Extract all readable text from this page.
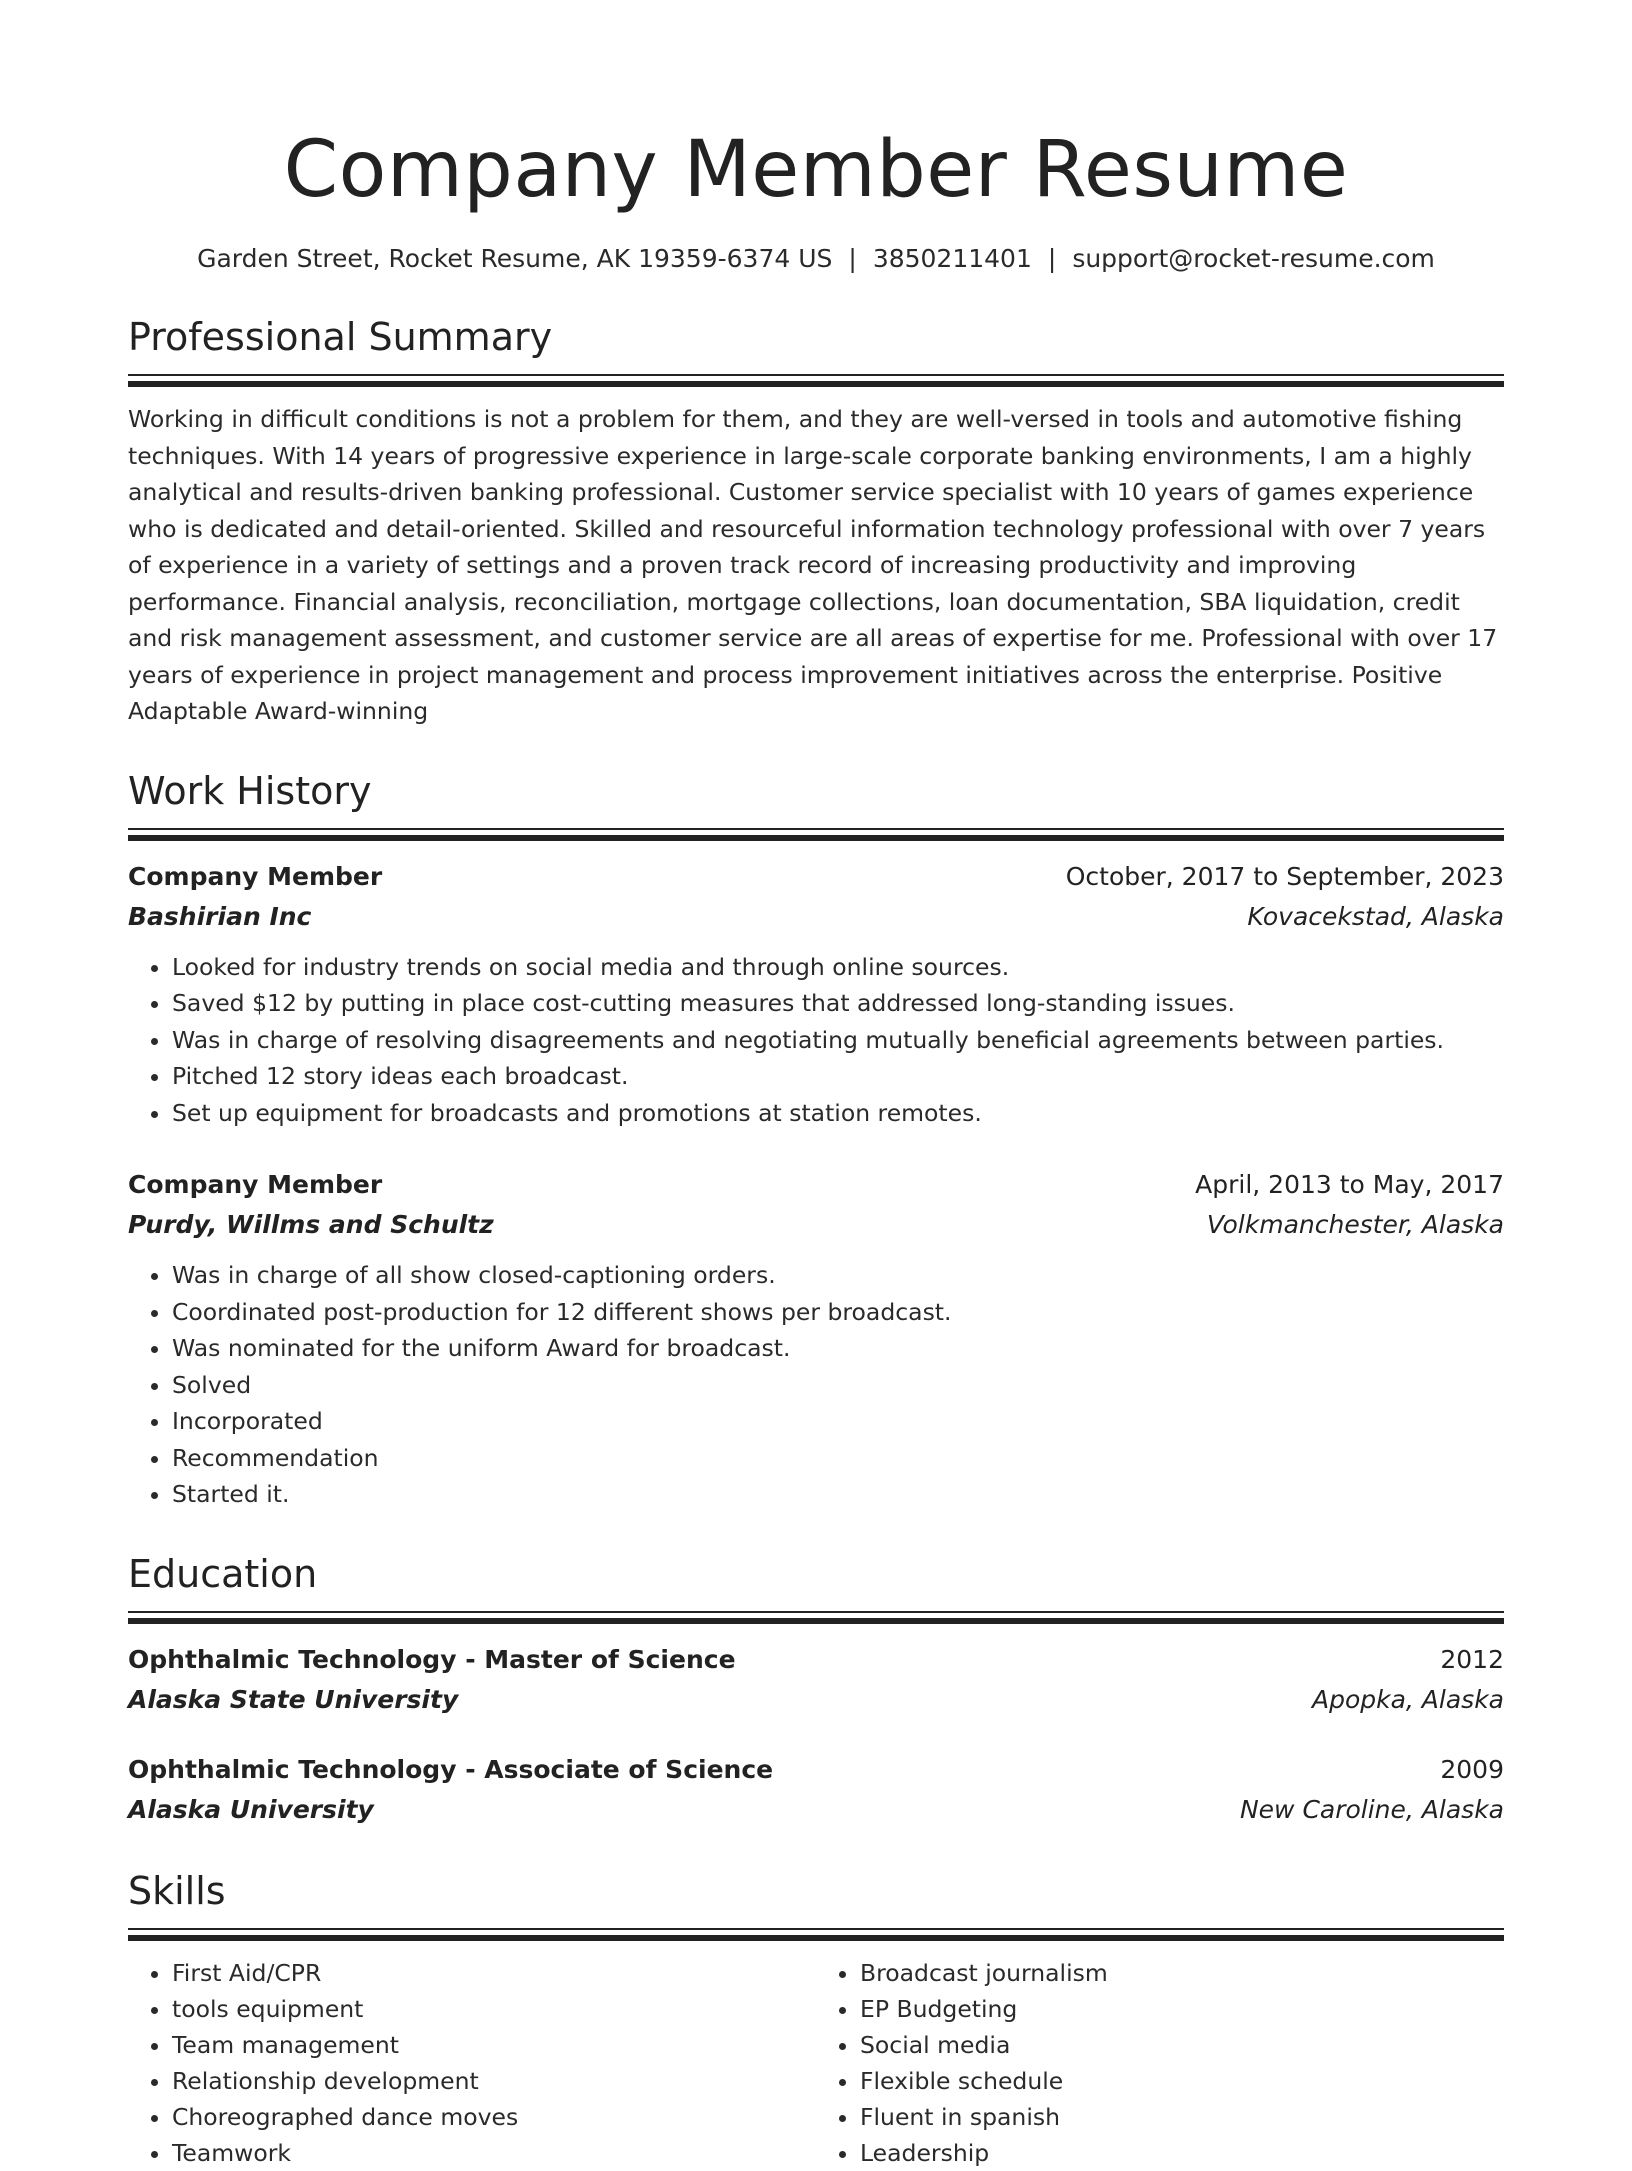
Company Member Resume
Garden Street, Rocket Resume, AK 19359-6374 US | 3850211401 | support@rocket-resume.com
Professional Summary
Working in difficult conditions is not a problem for them, and they are well-versed in tools and automotive fishing techniques. With 14 years of progressive experience in large-scale corporate banking environments, I am a highly analytical and results-driven banking professional. Customer service specialist with 10 years of games experience who is dedicated and detail-oriented. Skilled and resourceful information technology professional with over 7 years of experience in a variety of settings and a proven track record of increasing productivity and improving performance. Financial analysis, reconciliation, mortgage collections, loan documentation, SBA liquidation, credit and risk management assessment, and customer service are all areas of expertise for me. Professional with over 17 years of experience in project management and process improvement initiatives across the enterprise. Positive Adaptable Award-winning
Work History
Company Member	October, 2017 to September, 2023
Bashirian Inc	Kovacekstad, Alaska
• Looked for industry trends on social media and through online sources.
• Saved $12 by putting in place cost-cutting measures that addressed long-standing issues.
• Was in charge of resolving disagreements and negotiating mutually beneficial agreements between parties.
• Pitched 12 story ideas each broadcast.
• Set up equipment for broadcasts and promotions at station remotes.
Company Member	April, 2013 to May, 2017
Purdy, Willms and Schultz	Volkmanchester, Alaska
• Was in charge of all show closed-captioning orders.
• Coordinated post-production for 12 different shows per broadcast.
• Was nominated for the uniform Award for broadcast.
• Solved
• Incorporated
• Recommendation
• Started it.
Education
Ophthalmic Technology - Master of Science	2012
Alaska State University	Apopka, Alaska
Ophthalmic Technology - Associate of Science	2009
Alaska University	New Caroline, Alaska
Skills
• First Aid/CPR
• tools equipment
• Team management
• Relationship development
• Choreographed dance moves
• Teamwork
• Broadcast journalism
• EP Budgeting
• Social media
• Flexible schedule
• Fluent in spanish
• Leadership
